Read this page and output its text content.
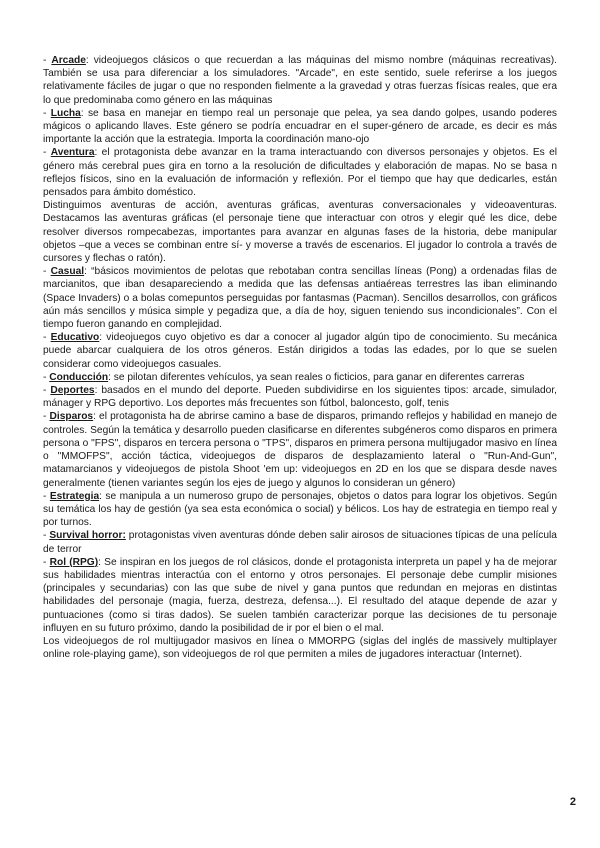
- Arcade: videojuegos clásicos o que recuerdan a las máquinas del mismo nombre (máquinas recreativas). También se usa para diferenciar a los simuladores. "Arcade", en este sentido, suele referirse a los juegos relativamente fáciles de jugar o que no responden fielmente a la gravedad y otras fuerzas físicas reales, que era lo que predominaba como género en las máquinas

- Lucha: se basa en manejar en tiempo real un personaje que pelea, ya sea dando golpes, usando poderes mágicos o aplicando llaves. Este género se podría encuadrar en el super-género de arcade, es decir es más importante la acción que la estrategia. Importa la coordinación mano-ojo

- Aventura: el protagonista debe avanzar en la trama interactuando con diversos personajes y objetos. Es el género más cerebral pues gira en torno a la resolución de dificultades y elaboración de mapas. No se basa n reflejos físicos, sino en la evaluación de información y reflexión. Por el tiempo que hay que dedicarles, están pensados para ámbito doméstico.

Distinguimos aventuras de acción, aventuras gráficas, aventuras conversacionales y videoaventuras. Destacamos las aventuras gráficas (el personaje tiene que interactuar con otros y elegir qué les dice, debe resolver diversos rompecabezas, importantes para avanzar en algunas fases de la historia, debe manipular objetos –que a veces se combinan entre sí- y moverse a través de escenarios. El jugador lo controla a través de cursores y flechas o ratón).

- Casual: “básicos movimientos de pelotas que rebotaban contra sencillas líneas (Pong) a ordenadas filas de marcianitos, que iban desapareciendo a medida que las defensas antiaéreas terrestres las iban eliminando (Space Invaders) o a bolas comepuntos perseguidas por fantasmas (Pacman). Sencillos desarrollos, con gráficos aún más sencillos y música simple y pegadiza que, a día de hoy, siguen teniendo sus incondicionales”. Con el tiempo fueron ganando en complejidad.

- Educativo: videojuegos cuyo objetivo es dar a conocer al jugador algún tipo de conocimiento. Su mecánica puede abarcar cualquiera de los otros géneros. Están dirigidos a todas las edades, por lo que se suelen considerar como videojuegos casuales.

- Conducción: se pilotan diferentes vehículos, ya sean reales o ficticios, para ganar en diferentes carreras

- Deportes: basados en el mundo del deporte. Pueden subdividirse en los siguientes tipos: arcade, simulador, mánager y RPG deportivo. Los deportes más frecuentes son fútbol, baloncesto, golf, tenis

- Disparos: el protagonista ha de abrirse camino a base de disparos, primando reflejos y habilidad en manejo de controles. Según la temática y desarrollo pueden clasificarse en diferentes subgéneros como disparos en primera persona o "FPS", disparos en tercera persona o "TPS", disparos en primera persona multijugador masivo en línea o "MMOFPS", acción táctica, videojuegos de disparos de desplazamiento lateral o "Run-And-Gun", matamarcianos y videojuegos de pistola Shoot 'em up: videojuegos en 2D en los que se dispara desde naves generalmente (tienen variantes según los ejes de juego y algunos lo consideran un género)

- Estrategia: se manipula a un numeroso grupo de personajes, objetos o datos para lograr los objetivos. Según su temática los hay de gestión (ya sea esta económica o social) y bélicos. Los hay de estrategia en tiempo real y por turnos.

- Survival horror: protagonistas viven aventuras dónde deben salir airosos de situaciones típicas de una película de terror

- Rol (RPG): Se inspiran en los juegos de rol clásicos, donde el protagonista interpreta un papel y ha de mejorar sus habilidades mientras interactúa con el entorno y otros personajes. El personaje debe cumplir misiones (principales y secundarias) con las que sube de nivel y gana puntos que redundan en mejoras en distintas habilidades del personaje (magia, fuerza, destreza, defensa...). El resultado del ataque depende de azar y puntuaciones (como si tiras dados). Se suelen también caracterizar porque las decisiones de tu personaje influyen en su futuro próximo, dando la posibilidad de ir por el bien o el mal.

Los videojuegos de rol multijugador masivos en línea o MMORPG (siglas del inglés de massively multiplayer online role-playing game), son videojuegos de rol que permiten a miles de jugadores interactuar (Internet).

2
